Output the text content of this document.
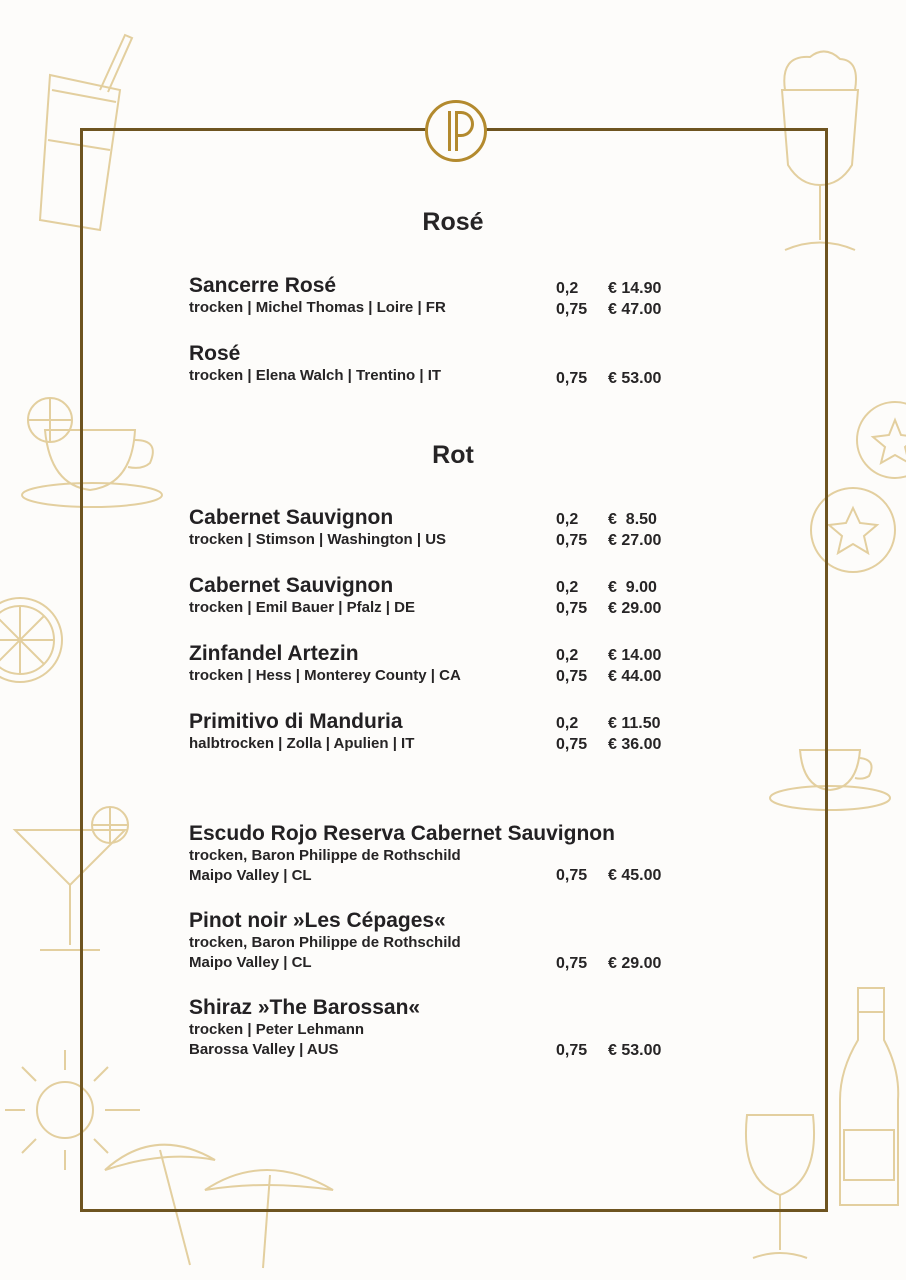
Rosé
Rot
Sancerre Rosé
trocken | Michel Thomas | Loire | FR
0,2 € 14.90
0,75 € 47.00
Rosé
trocken | Elena Walch | Trentino | IT	0,75 € 53.00
Cabernet Sauvignon
trocken | Stimson | Washington | US
0,2 €  8.50
0,75 € 27.00
Cabernet Sauvignon
trocken | Emil Bauer | Pfalz | DE
0,2 €  9.00
0,75 € 29.00
Zinfandel Artezin
trocken | Hess | Monterey County | CA
0,2 € 14.00
0,75 € 44.00
Primitivo di Manduria
halbtrocken | Zolla | Apulien | IT
0,2 € 11.50
0,75 € 36.00
Escudo Rojo Reserva Cabernet Sauvignon
trocken, Baron Philippe de Rothschild
Maipo Valley | CL	0,75 € 45.00
Pinot noir »Les Cépages«
trocken, Baron Philippe de Rothschild
Maipo Valley | CL	0,75 € 29.00
Shiraz »The Barossan«
trocken | Peter Lehmann
Barossa Valley | AUS	0,75 € 53.00
